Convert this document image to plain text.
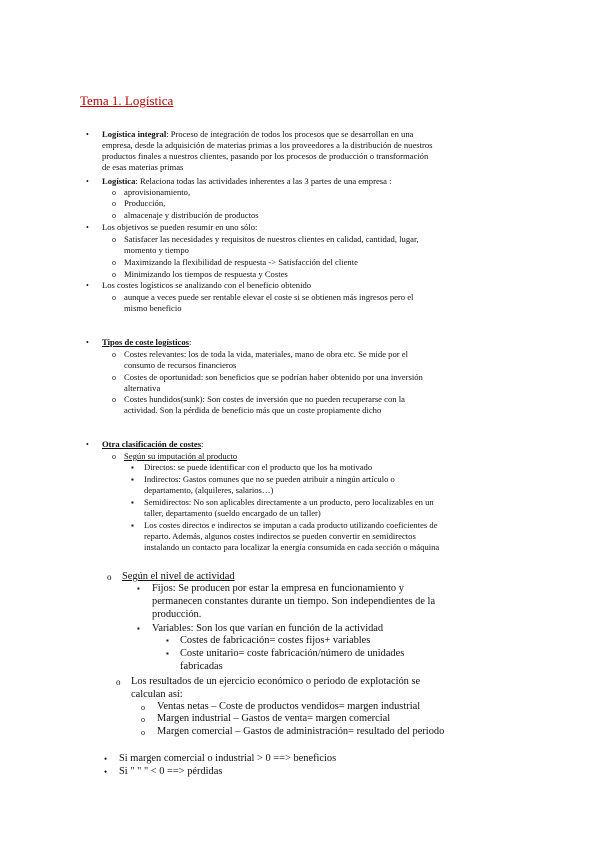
Tema 1. Logística
• Logística integral: Proceso de integración de todos los procesos que se desarrollan en una
empresa, desde la adquisición de materias primas a los proveedores a la distribución de nuestros
productos finales a nuestros clientes, pasando por los procesos de producción o transformación
de esas materias primas
• Logística: Relaciona todas las actividades inherentes a las 3 partes de una empresa :
o aprovisionamiento,
o Producción,
o almacenaje y distribución de productos
• Los objetivos se pueden resumir en uno sólo:
o Satisfacer las necesidades y requisitos de nuestros clientes en calidad, cantidad, lugar,
momento y tiempo
o Maximizando la flexibilidad de respuesta -> Satisfacción del cliente
o Minimizando los tiempos de respuesta y Costes
• Los costes logísticos se analizando con el beneficio obtenido
o aunque a veces puede ser rentable elevar el coste si se obtienen más ingresos pero el
mismo beneficio
• Tipos de coste logísticos:
o Costes relevantes: los de toda la vida, materiales, mano de obra etc. Se mide por el
consumo de recursos financieros
o Costes de oportunidad: son beneficios que se podrían haber obtenido por una inversión
alternativa
o Costes hundidos(sunk): Son costes de inversión que no pueden recuperarse con la
actividad. Son la pérdida de beneficio más que un coste propiamente dicho
• Otra clasificación de costes:
o Según su imputación al producto
▪ Directos: se puede identificar con el producto que los ha motivado
▪ Indirectos: Gastos comunes que no se pueden atribuir a ningún artículo o
departamento, (alquileres, salarios…)
▪ Semidirectos: No son aplicables directamente a un producto, pero localizables en un
taller, departamento (sueldo encargado de un taller)
▪ Los costes directos e indirectos se imputan a cada producto utilizando coeficientes de
reparto. Además, algunos costes indirectos se pueden convertir en semidirectos
instalando un contacto para localizar la energía consumida en cada sección o máquina
o Según el nivel de actividad
▪ Fijos: Se producen por estar la empresa en funcionamiento y
permanecen constantes durante un tiempo. Son independientes de la
producción.
▪ Variables: Son los que varían en función de la actividad
▪ Costes de fabricación= costes fijos+ variables
▪ Coste unitario= coste fabricación/número de unidades
fabricadas
o Los resultados de un ejercicio económico o periodo de explotación se
calculan así:
o Ventas netas – Coste de productos vendidos= margen industrial
o Margen industrial – Gastos de venta= margen comercial
o Margen comercial – Gastos de administración= resultado del periodo
• Si margen comercial o industrial > 0 ==> beneficios
• Si " " " < 0 ==> pérdidas
